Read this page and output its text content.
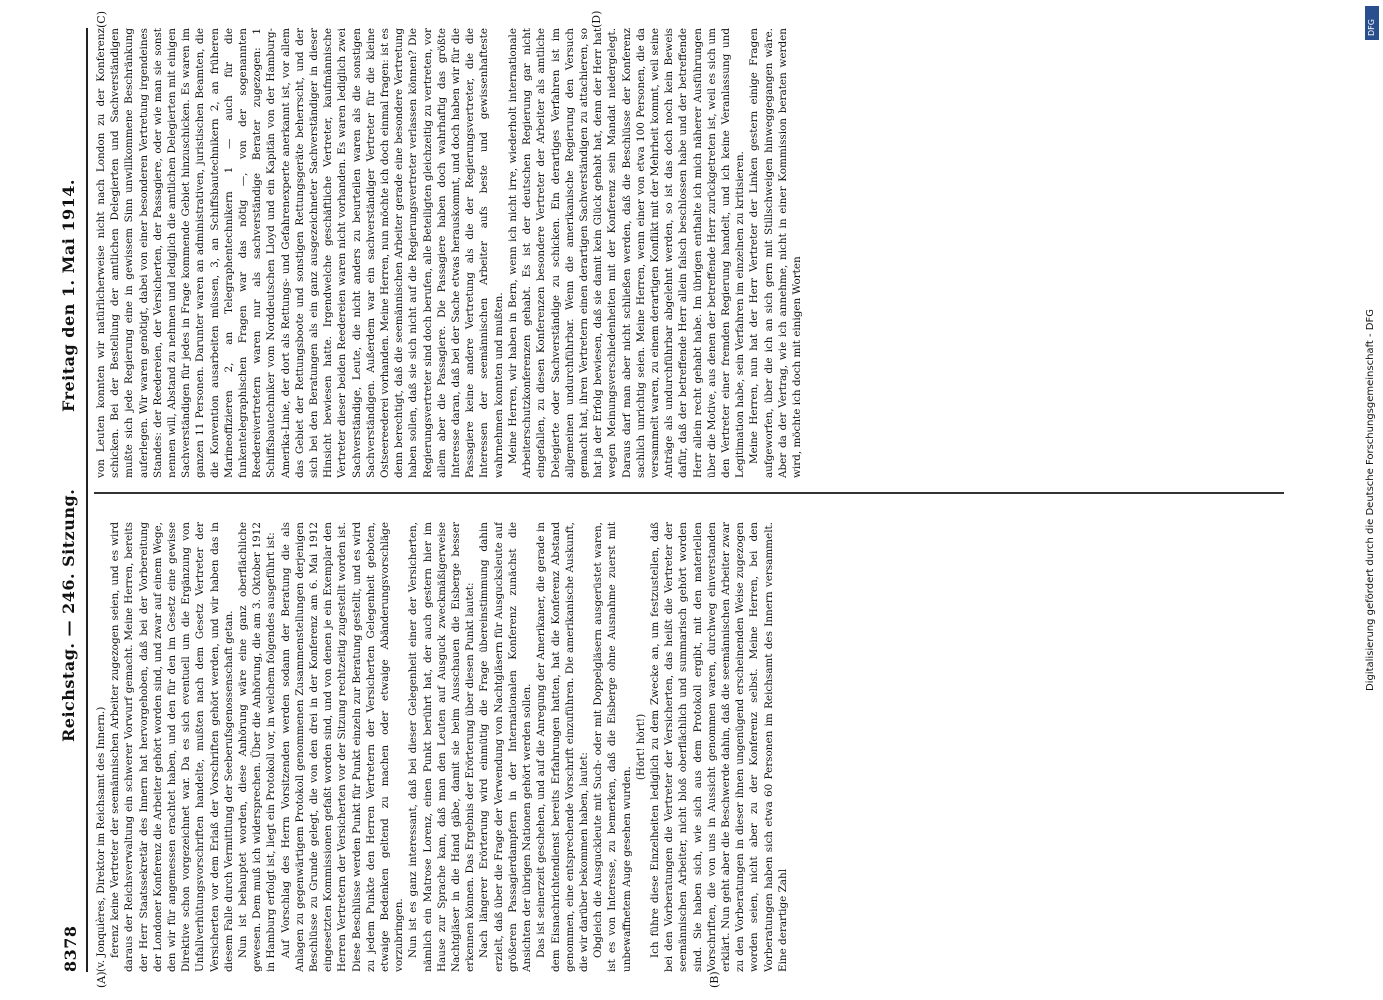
8378
Reichstag. — 246. Sitzung.
Freitag den 1. Mai 1914.
(A)	(B)
(C)	(D)

(v. Jonquières, Direktor im Reichsamt des Innern.) ferenz keine Vertreter der seemännischen Arbeiter zugezogen seien, und es wird daraus der Reichsverwaltung ein schwerer Vorwurf gemacht. Meine Herren, bereits der Herr Staatssekretär des Innern hat hervorgehoben, daß bei der Vorbereitung der Londoner Konferenz die Arbeiter gehört worden sind, und zwar auf einem Wege, den wir für angemessen erachtet haben, und den für den im Gesetz eine gewisse Direktive schon vorgezeichnet war. Da es sich eventuell um die Ergänzung von Unfallverhütungsvorschriften handelte, mußten nach dem Gesetz Vertreter der Versicherten vor dem Erlaß der Vorschriften gehört werden, und wir haben das in diesem Falle durch Vermittlung der Seeberufsgenossenschaft getan. Nun ist behauptet worden, diese Anhörung wäre eine ganz oberflächliche gewesen. Dem muß ich widersprechen. Über die Anhörung, die am 3. Oktober 1912 in Hamburg erfolgt ist, liegt ein Protokoll vor, in welchem folgendes ausgeführt ist: Auf Vorschlag des Herrn Vorsitzenden werden sodann der Beratung die als Anlagen zu gegenwärtigem Protokoll genommenen Zusammenstellungen derjenigen Beschlüsse zu Grunde gelegt, die von den drei in der Konferenz am 6. Mai 1912 eingesetzten Kommissionen gefaßt worden sind, und von denen je ein Exemplar den Herren Vertretern der Versicherten vor der Sitzung rechtzeitig zugestellt worden ist. Diese Beschlüsse werden Punkt für Punkt einzeln zur Beratung gestellt, und es wird zu jedem Punkte den Herren Vertretern der Versicherten Gelegenheit geboten, etwaige Bedenken geltend zu machen oder etwaige Abänderungsvorschläge vorzubringen. Nun ist es ganz interessant, daß bei dieser Gelegenheit einer der Versicherten, nämlich ein Matrose Lorenz, einen Punkt berührt hat, der auch gestern hier im Hause zur Sprache kam, daß man den Leuten auf Ausguck zweckmäßigerweise Nachtgläser in die Hand gäbe, damit sie beim Ausschauen die Eisberge besser erkennen können. Das Ergebnis der Erörterung über diesen Punkt lautet: Nach längerer Erörterung wird einmütig die Frage übereinstimmung dahin erzielt, daß über die Frage der Verwendung von Nachtgläsern für Ausgucksleute auf größeren Passagierdampfern in der Internationalen Konferenz zunächst die Ansichten der übrigen Nationen gehört werden sollen. Das ist seinerzeit geschehen, und auf die Anregung der Amerikaner, die gerade in dem Eisnachrichtendienst bereits Erfahrungen hatten, hat die Konferenz Abstand genommen, eine entsprechende Vorschrift einzuführen. Die amerikanische Auskunft, die wir darüber bekommen haben, lautet: Obgleich die Ausguckleute mit Such- oder mit Doppelgläsern ausgerüstet waren, ist es von Interesse, zu bemerken, daß die Eisberge ohne Ausnahme zuerst mit unbewaffnetem Auge gesehen wurden.

(Hört! hört!) Ich führe diese Einzelheiten lediglich zu dem Zwecke an, um festzustellen, daß bei den Vorberatungen die Vertreter der Versicherten, das heißt die Vertreter der seemännischen Arbeiter, nicht bloß oberflächlich und summarisch gehört worden sind. Sie haben sich, wie sich aus dem Protokoll ergibt, mit den materiellen Vorschriften, die von uns in Aussicht genommen waren, durchweg einverstanden erklärt. Nun geht aber die Beschwerde dahin, daß die seemännischen Arbeiter zwar zu den Vorberatungen in dieser ihnen ungenügend erscheinenden Weise zugezogen worden seien, nicht aber zu der Konferenz selbst. Meine Herren, bei den Vorberatungen haben sich etwa 60 Personen im Reichsamt des Innern versammelt. Eine derartige Zahl

von Leuten konnten wir natürlicherweise nicht nach London zu der Konferenz schicken. Bei der Bestellung der amtlichen Delegierten und Sachverständigen mußte sich jede Regierung eine in gewissem Sinn unwillkommene Beschränkung auferlegen. Wir waren genötigt, dabei von einer besonderen Vertretung irgendeines Standes: der Reedereien, der Versicherten, der Passagiere, oder wie man sie sonst nennen will, Abstand zu nehmen und lediglich die amtlichen Delegierten mit einigen Sachverständigen für jedes in Frage kommende Gebiet hinzuschicken. Es waren im ganzen 11 Personen. Darunter waren an administrativen, juristischen Beamten, die die Konvention ausarbeiten müssen, 3, an Schiffsbautechnikern 2, an früheren Marineoffizieren 2, an Telegraphentechnikern 1 — auch für die funkentelegraphischen Fragen war das nötig —, von der sogenannten Reedereivertretern waren nur als sachverständige Berater zugezogen: 1 Schiffsbautechniker vom Norddeutschen Lloyd und ein Kapitän von der Hamburg-Amerika-Linie, der dort als Rettungs- und Gefahrenexperte anerkannt ist, vor allem das Gebiet der Rettungsboote und sonstigen Rettungsgeräte beherrscht, und der sich bei den Beratungen als ein ganz ausgezeichneter Sachverständiger in dieser Hinsicht bewiesen hatte. Irgendwelche geschäftliche Vertreter, kaufmännische Vertreter dieser beiden Reedereien waren nicht vorhanden. Es waren lediglich zwei Sachverständige, Leute, die nicht anders zu beurteilen waren als die sonstigen Sachverständigen. Außerdem war ein sachverständiger Vertreter für die kleine Ostseereederei vorhanden. Meine Herren, nun möchte ich doch einmal fragen: ist es denn berechtigt, daß die seemännischen Arbeiter gerade eine besondere Vertretung haben sollen, daß sie sich nicht auf die Regierungsvertreter verlassen können? Die Regierungsvertreter sind doch berufen, alle Beteiligten gleichzeitig zu vertreten, vor allem aber die Passagiere. Die Passagiere haben doch wahrhaftig das größte Interesse daran, daß bei der Sache etwas herauskommt, und doch haben wir für die Passagiere keine andere Vertretung als die der Regierungsvertreter, die die Interessen der seemännischen Arbeiter aufs beste und gewissenhafteste wahrnehmen konnten und mußten. Meine Herren, wir haben in Bern, wenn ich nicht irre, wiederholt internationale Arbeiterschutzkonferenzen gehabt. Es ist der deutschen Regierung gar nicht eingefallen, zu diesen Konferenzen besondere Vertreter der Arbeiter als amtliche Delegierte oder Sachverständige zu schicken. Ein derartiges Verfahren ist im allgemeinen undurchführbar. Wenn die amerikanische Regierung den Versuch gemacht hat, ihren Vertretern einen derartigen Sachverständigen zu attachieren, so hat ja der Erfolg bewiesen, daß sie damit kein Glück gehabt hat, denn der Herr hat wegen Meinungsverschiedenheiten mit der Konferenz sein Mandat niedergelegt. Daraus darf man aber nicht schließen werden, daß die Beschlüsse der Konferenz sachlich unrichtig seien. Meine Herren, wenn einer von etwa 100 Personen, die da versammelt waren, zu einem derartigen Konflikt mit der Mehrheit kommt, weil seine Anträge als undurchführbar abgelehnt werden, so ist das doch noch kein Beweis dafür, daß der betreffende Herr allein falsch beschlossen habe und der betreffende Herr allein recht gehabt habe. Im übrigen enthalte ich mich näherer Ausführungen über die Motive, aus denen der betreffende Herr zurückgetreten ist, weil es sich um den Vertreter einer fremden Regierung handelt, und ich keine Veranlassung und Legitimation habe, sein Verfahren im einzelnen zu kritisieren. Meine Herren, nun hat der Herr Vertreter der Linken gestern einige Fragen aufgeworfen, über die ich an sich gern mit Stillschweigen hinweggegangen wäre. Aber da der Vertrag, wie ich annehme, nicht in einer Kommission beraten werden wird, möchte ich doch mit einigen Worten	Digitalisierung gefördert durch die Deutsche Forschungsgemeinschaft - DFG
DFG
